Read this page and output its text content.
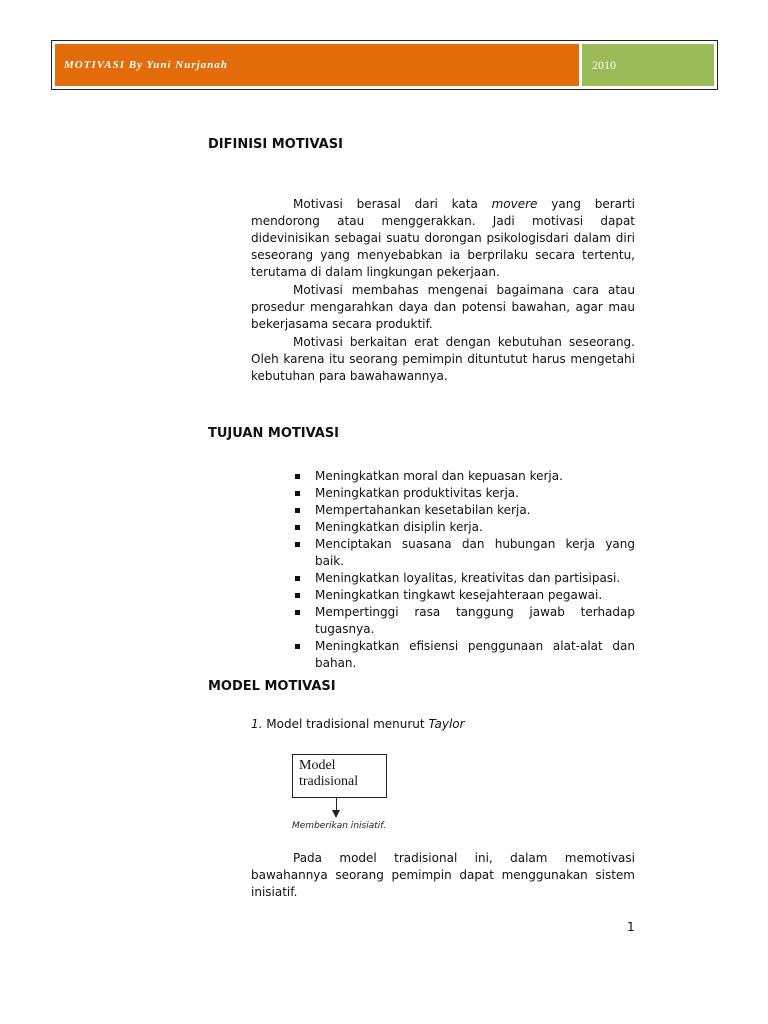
MOTIVASI By Yuni Nurjanah	2010
DIFINISI MOTIVASI

Motivasi berasal dari kata movere yang berarti mendorong atau menggerakkan. Jadi motivasi dapat didevinisikan sebagai suatu dorongan psikologisdari dalam diri seseorang yang menyebabkan ia berprilaku secara tertentu, terutama di dalam lingkungan pekerjaan.

Motivasi membahas mengenai bagaimana cara atau prosedur mengarahkan daya dan potensi bawahan, agar mau bekerjasama secara produktif.

Motivasi berkaitan erat dengan kebutuhan seseorang. Oleh karena itu seorang pemimpin dituntutut harus mengetahi kebutuhan para bawahawannya.

TUJUAN MOTIVASI
Meningkatkan moral dan kepuasan kerja.
Meningkatkan produktivitas kerja.
Mempertahankan kesetabilan kerja.
Meningkatkan disiplin kerja.
Menciptakan suasana dan hubungan kerja yang baik.
Meningkatkan loyalitas, kreativitas dan partisipasi.
Meningkatkan tingkawt kesejahteraan pegawai.
Mempertinggi rasa tanggung jawab terhadap tugasnya.
Meningkatkan efisiensi penggunaan alat-alat dan bahan.
MODEL MOTIVASI

1. Model tradisional menurut Taylor

Model
tradisional

Memberikan inisiatif.

Pada model tradisional ini, dalam memotivasi bawahannya seorang pemimpin dapat menggunakan sistem inisiatif.

1
